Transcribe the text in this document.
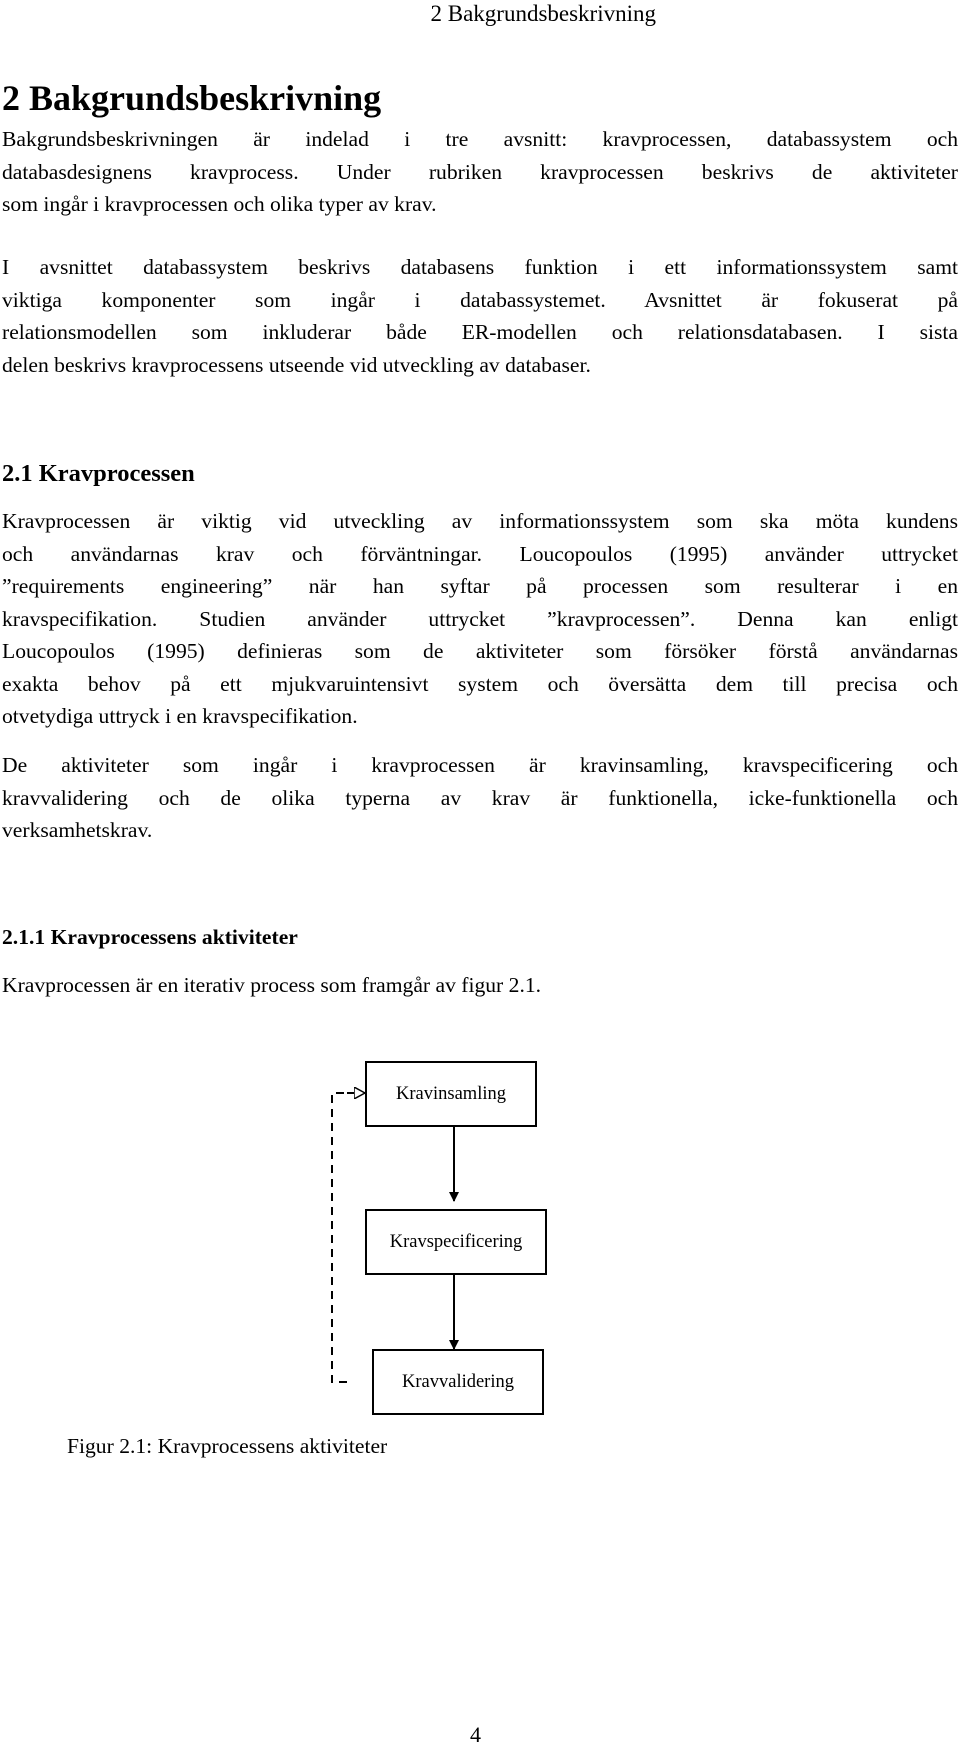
2 Bakgrundsbeskrivning
2 Bakgrundsbeskrivning

Bakgrundsbeskrivningen är indelad i tre avsnitt: kravprocessen, databassystem och
databasdesignens kravprocess. Under rubriken kravprocessen beskrivs de aktiviteter
som ingår i kravprocessen och olika typer av krav.

I avsnittet databassystem beskrivs databasens funktion i ett informationssystem samt
viktiga komponenter som ingår i databassystemet. Avsnittet är fokuserat på
relationsmodellen som inkluderar både ER-modellen och relationsdatabasen. I sista
delen beskrivs kravprocessens utseende vid utveckling av databaser.

2.1 Kravprocessen

Kravprocessen är viktig vid utveckling av informationssystem som ska möta kundens
och användarnas krav och förväntningar. Loucopoulos (1995) använder uttrycket
”requirements engineering” när han syftar på processen som resulterar i en
kravspecifikation. Studien använder uttrycket ”kravprocessen”. Denna kan enligt
Loucopoulos (1995) definieras som de aktiviteter som försöker förstå användarnas
exakta behov på ett mjukvaruintensivt system och översätta dem till precisa och
otvetydiga uttryck i en kravspecifikation.

De aktiviteter som ingår i kravprocessen är kravinsamling, kravspecificering och
kravvalidering och de olika typerna av krav är funktionella, icke-funktionella och
verksamhetskrav.

2.1.1 Kravprocessens aktiviteter

Kravprocessen är en iterativ process som framgår av figur 2.1.

Kravinsamling
Kravspecificering
Kravvalidering
Figur 2.1: Kravprocessens aktiviteter
4
